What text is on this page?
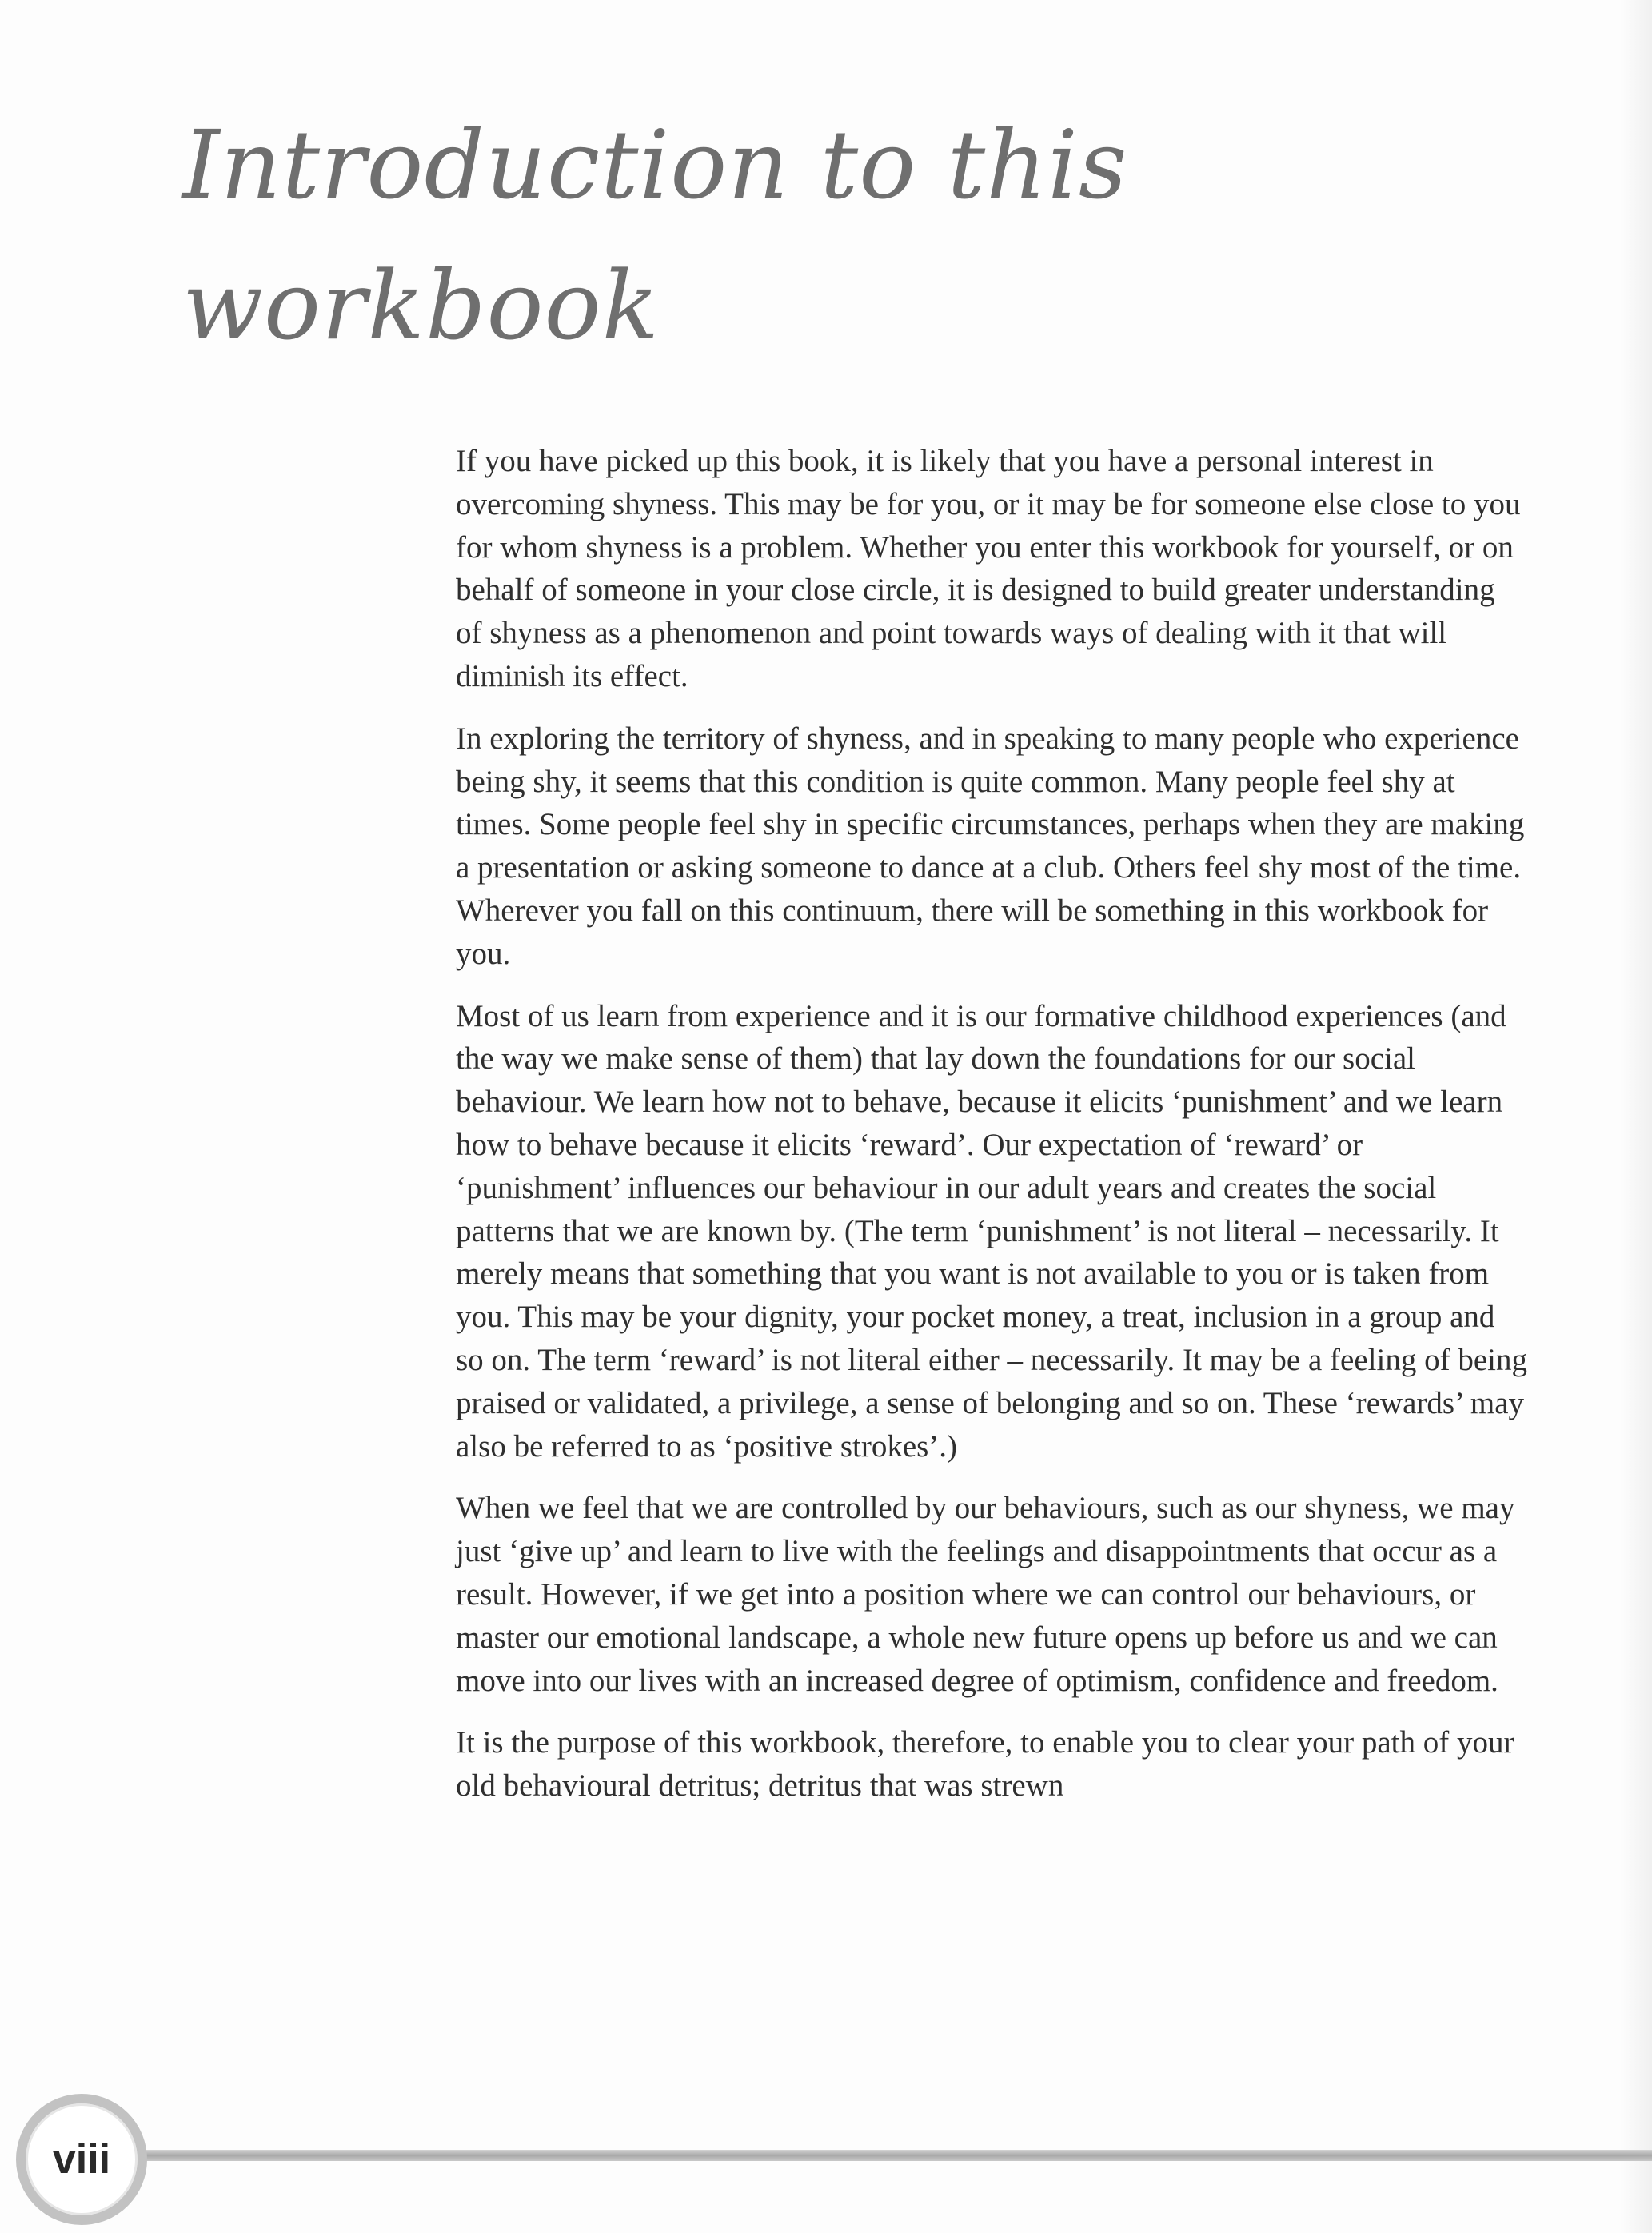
Introduction to this
workbook

If you have picked up this book, it is likely that you have a personal interest in overcoming shyness. This may be for you, or it may be for someone else close to you for whom shyness is a problem. Whether you enter this workbook for yourself, or on behalf of someone in your close circle, it is designed to build greater understanding of shyness as a phenomenon and point towards ways of dealing with it that will diminish its effect.

In exploring the territory of shyness, and in speaking to many people who experience being shy, it seems that this condition is quite common. Many people feel shy at times. Some people feel shy in specific circumstances, perhaps when they are making a presentation or asking someone to dance at a club. Others feel shy most of the time. Wherever you fall on this continuum, there will be something in this workbook for you.

Most of us learn from experience and it is our formative childhood experiences (and the way we make sense of them) that lay down the foundations for our social behaviour. We learn how not to behave, because it elicits ‘punishment’ and we learn how to behave because it elicits ‘reward’. Our expectation of ‘reward’ or ‘punishment’ influences our behaviour in our adult years and creates the social patterns that we are known by. (The term ‘punishment’ is not literal – necessarily. It merely means that something that you want is not available to you or is taken from you. This may be your dignity, your pocket money, a treat, inclusion in a group and so on. The term ‘reward’ is not literal either – necessarily. It may be a feeling of being praised or validated, a privilege, a sense of belonging and so on. These ‘rewards’ may also be referred to as ‘positive strokes’.)

When we feel that we are controlled by our behaviours, such as our shyness, we may just ‘give up’ and learn to live with the feelings and disappointments that occur as a result. However, if we get into a position where we can control our behaviours, or master our emotional landscape, a whole new future opens up before us and we can move into our lives with an increased degree of optimism, confidence and freedom.

It is the purpose of this workbook, therefore, to enable you to clear your path of your old behavioural detritus; detritus that was strewn

viii
